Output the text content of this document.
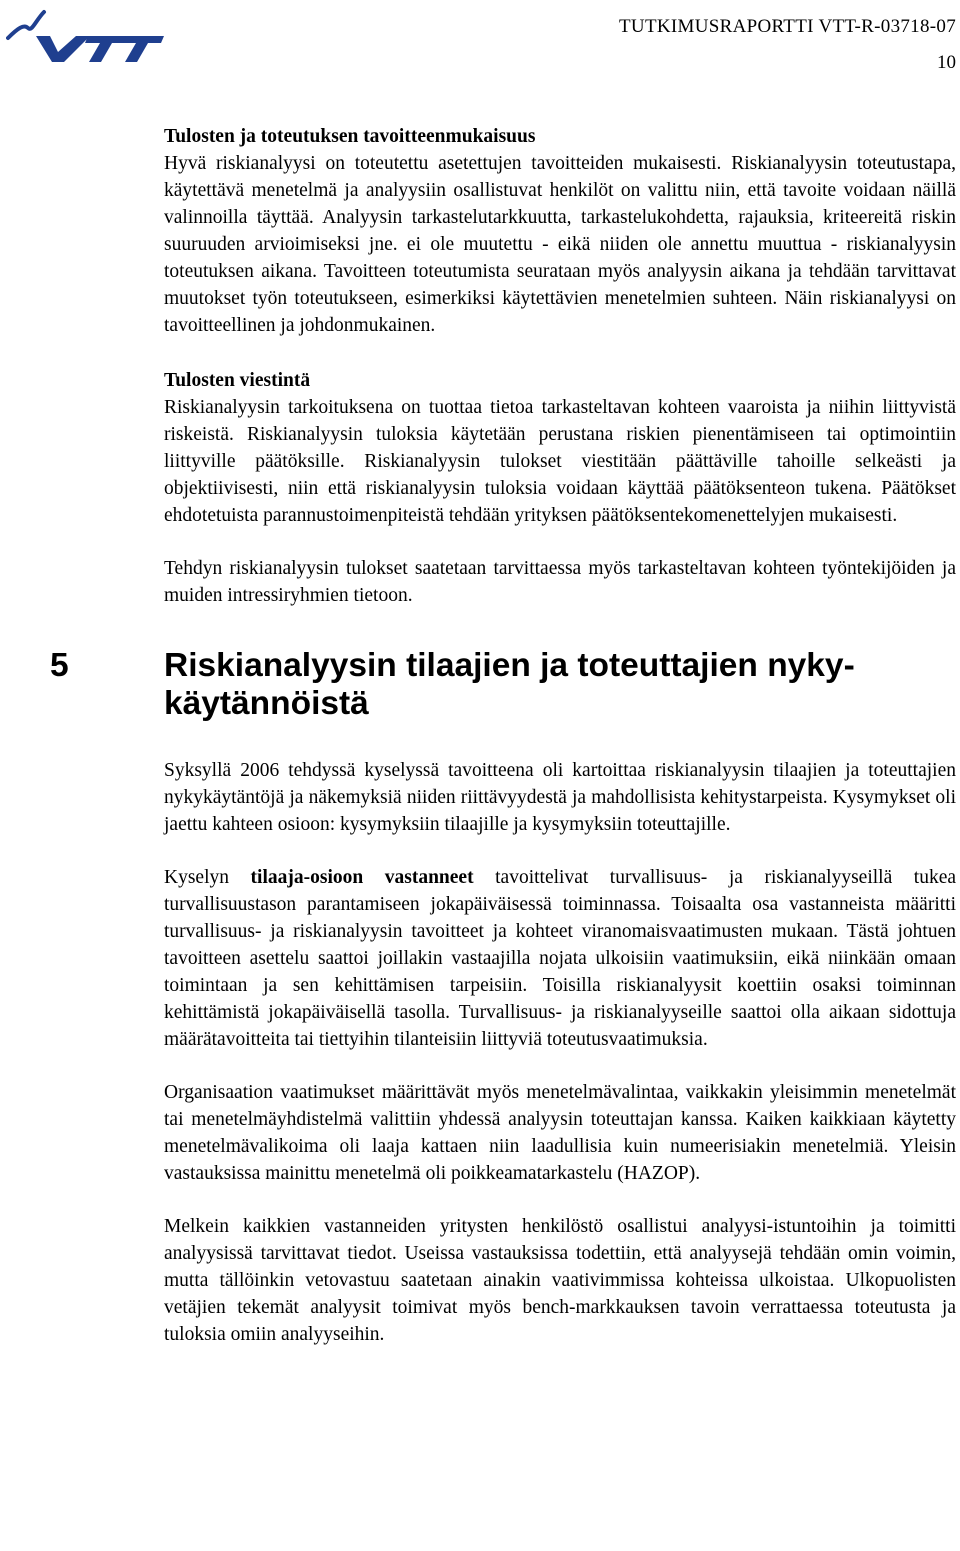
TUTKIMUSRAPORTTI VTT-R-03718-07
10
Tulosten ja toteutuksen tavoitteenmukaisuus

Hyvä riskianalyysi on toteutettu asetettujen tavoitteiden mukaisesti. Riskianalyysin toteutustapa, käytettävä menetelmä ja analyysiin osallistuvat henkilöt on valittu niin, että tavoite voidaan näillä valinnoilla täyttää. Analyysin tarkastelutarkkuutta, tarkastelukohdetta, rajauksia, kriteereitä riskin suuruuden arvioimiseksi jne. ei ole muutettu - eikä niiden ole annettu muuttua - riskianalyysin toteutuksen aikana. Tavoitteen toteutumista seurataan myös analyysin aikana ja tehdään tarvittavat muutokset työn toteutukseen, esimerkiksi käytettävien menetelmien suhteen. Näin riskianalyysi on tavoitteellinen ja johdonmukainen.

Tulosten viestintä

Riskianalyysin tarkoituksena on tuottaa tietoa tarkasteltavan kohteen vaaroista ja niihin liittyvistä riskeistä. Riskianalyysin tuloksia käytetään perustana riskien pienentämiseen tai optimointiin liittyville päätöksille. Riskianalyysin tulokset viestitään päättäville tahoille selkeästi ja objektiivisesti, niin että riskianalyysin tuloksia voidaan käyttää päätöksenteon tukena. Päätökset ehdotetuista parannustoimenpiteistä tehdään yrityksen päätöksentekomenettelyjen mukaisesti.

Tehdyn riskianalyysin tulokset saatetaan tarvittaessa myös tarkasteltavan kohteen työntekijöiden ja muiden intressiryhmien tietoon.

5	Riskianalyysin tilaajien ja toteuttajien nykykäytännöistä

Syksyllä 2006 tehdyssä kyselyssä tavoitteena oli kartoittaa riskianalyysin tilaajien ja toteuttajien nykykäytäntöjä ja näkemyksiä niiden riittävyydestä ja mahdollisista kehitystarpeista. Kysymykset oli jaettu kahteen osioon: kysymyksiin tilaajille ja kysymyksiin toteuttajille.

Kyselyn tilaaja-osioon vastanneet tavoittelivat turvallisuus- ja riskianalyyseillä tukea turvallisuustason parantamiseen jokapäiväisessä toiminnassa. Toisaalta osa vastanneista määritti turvallisuus- ja riskianalyysin tavoitteet ja kohteet viranomaisvaatimusten mukaan. Tästä johtuen tavoitteen asettelu saattoi joillakin vastaajilla nojata ulkoisiin vaatimuksiin, eikä niinkään omaan toimintaan ja sen kehittämisen tarpeisiin. Toisilla riskianalyysit koettiin osaksi toiminnan kehittämistä jokapäiväisellä tasolla. Turvallisuus- ja riskianalyyseille saattoi olla aikaan sidottuja määrätavoitteita tai tiettyihin tilanteisiin liittyviä toteutusvaatimuksia.

Organisaation vaatimukset määrittävät myös menetelmävalintaa, vaikkakin yleisimmin menetelmät tai menetelmäyhdistelmä valittiin yhdessä analyysin toteuttajan kanssa. Kaiken kaikkiaan käytetty menetelmävalikoima oli laaja kattaen niin laadullisia kuin numeerisiakin menetelmiä. Yleisin vastauksissa mainittu menetelmä oli poikkeamatarkastelu (HAZOP).

Melkein kaikkien vastanneiden yritysten henkilöstö osallistui analyysi-istuntoihin ja toimitti analyysissä tarvittavat tiedot. Useissa vastauksissa todettiin, että analyysejä tehdään omin voimin, mutta tällöinkin vetovastuu saatetaan ainakin vaativimmissa kohteissa ulkoistaa. Ulkopuolisten vetäjien tekemät analyysit toimivat myös bench-markkauksen tavoin verrattaessa toteutusta ja tuloksia omiin analyyseihin.
